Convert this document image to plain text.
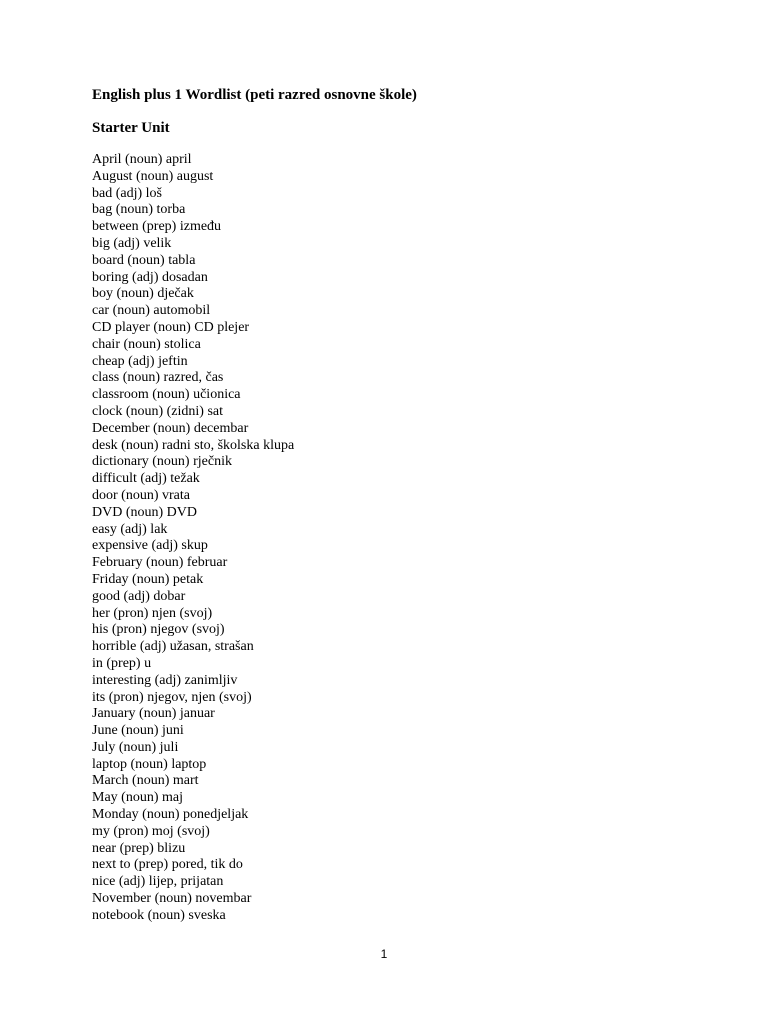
English plus 1 Wordlist (peti razred osnovne škole)
Starter Unit
April (noun) april
August (noun) august
bad (adj) loš
bag (noun) torba
between (prep) između
big (adj) velik
board (noun) tabla
boring (adj) dosadan
boy (noun) dječak
car (noun) automobil
CD player (noun) CD plejer
chair (noun) stolica
cheap (adj) jeftin
class (noun) razred, čas
classroom (noun) učionica
clock (noun) (zidni) sat
December (noun) decembar
desk (noun) radni sto, školska klupa
dictionary (noun) rječnik
difficult (adj) težak
door (noun) vrata
DVD (noun) DVD
easy (adj) lak
expensive (adj) skup
February (noun) februar
Friday (noun) petak
good (adj) dobar
her (pron) njen (svoj)
his (pron) njegov (svoj)
horrible (adj) užasan, strašan
in (prep) u
interesting (adj) zanimljiv
its (pron) njegov, njen (svoj)
January (noun) januar
June (noun) juni
July (noun) juli
laptop (noun) laptop
March (noun) mart
May (noun) maj
Monday (noun) ponedjeljak
my (pron) moj (svoj)
near (prep) blizu
next to (prep) pored, tik do
nice (adj) lijep, prijatan
November (noun) novembar
notebook (noun) sveska
1
